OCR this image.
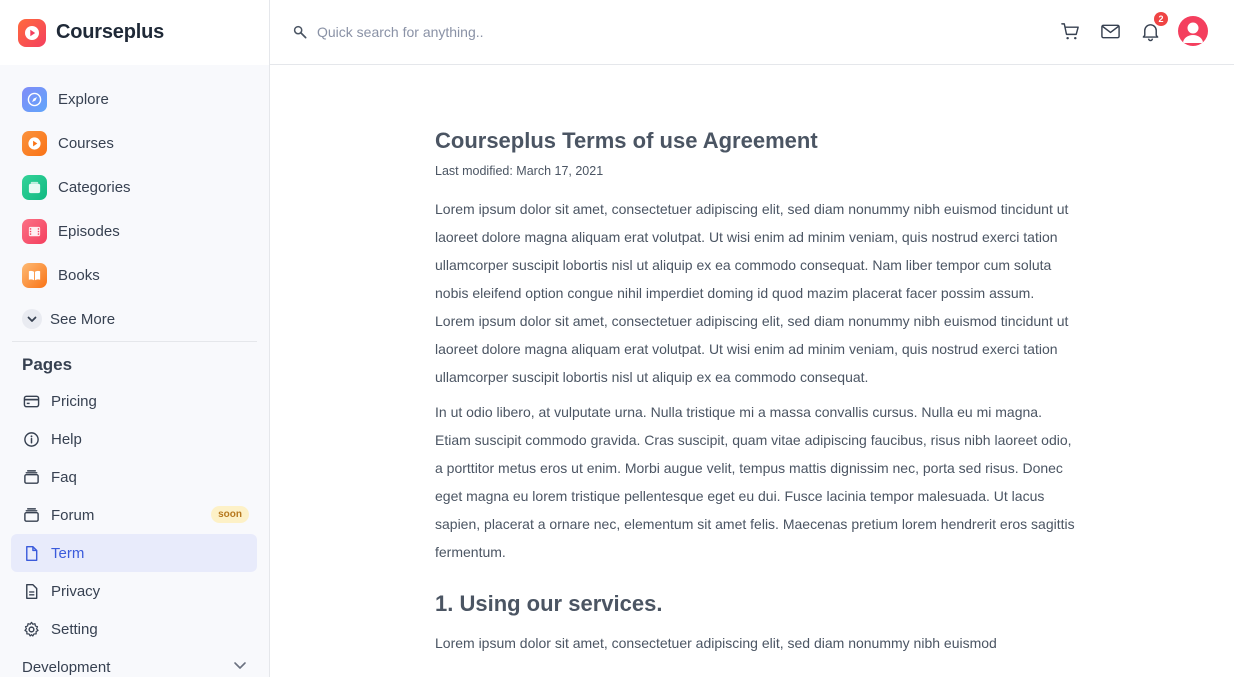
Courseplus
Explore
Courses
Categories
Episodes
Books
See More
Pages
Pricing
Help
Faq
Forum	soon
Term
Privacy
Setting
Development
Quick search for anything..
2
Courseplus Terms of use Agreement

Last modified: March 17, 2021

Lorem ipsum dolor sit amet, consectetuer adipiscing elit, sed diam nonummy nibh euismod tincidunt ut laoreet dolore magna aliquam erat volutpat. Ut wisi enim ad minim veniam, quis nostrud exerci tation ullamcorper suscipit lobortis nisl ut aliquip ex ea commodo consequat. Nam liber tempor cum soluta nobis eleifend option congue nihil imperdiet doming id quod mazim placerat facer possim assum. Lorem ipsum dolor sit amet, consectetuer adipiscing elit, sed diam nonummy nibh euismod tincidunt ut laoreet dolore magna aliquam erat volutpat. Ut wisi enim ad minim veniam, quis nostrud exerci tation ullamcorper suscipit lobortis nisl ut aliquip ex ea commodo consequat.

In ut odio libero, at vulputate urna. Nulla tristique mi a massa convallis cursus. Nulla eu mi magna. Etiam suscipit commodo gravida. Cras suscipit, quam vitae adipiscing faucibus, risus nibh laoreet odio, a porttitor metus eros ut enim. Morbi augue velit, tempus mattis dignissim nec, porta sed risus. Donec eget magna eu lorem tristique pellentesque eget eu dui. Fusce lacinia tempor malesuada. Ut lacus sapien, placerat a ornare nec, elementum sit amet felis. Maecenas pretium lorem hendrerit eros sagittis fermentum.

1. Using our services.

Lorem ipsum dolor sit amet, consectetuer adipiscing elit, sed diam nonummy nibh euismod
